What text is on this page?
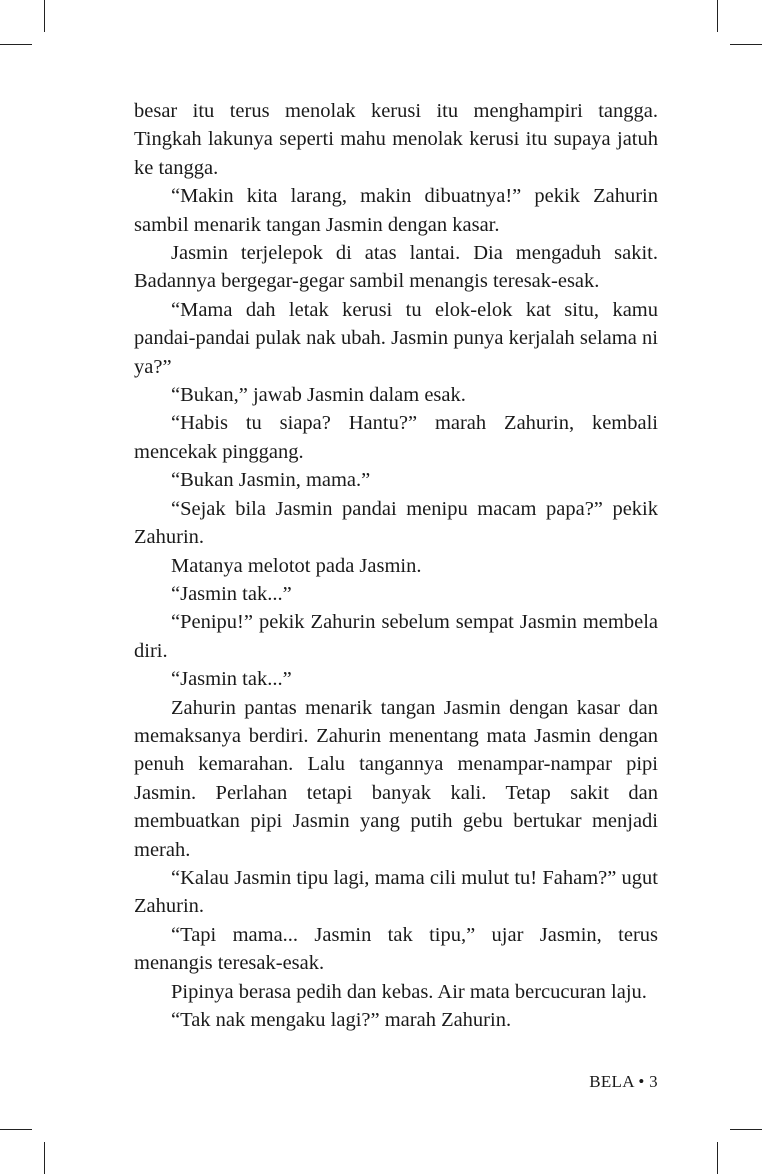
besar itu terus menolak kerusi itu menghampiri tangga. Tingkah lakunya seperti mahu menolak kerusi itu supaya jatuh ke tangga.

“Makin kita larang, makin dibuatnya!” pekik Zahurin sambil menarik tangan Jasmin dengan kasar.

Jasmin terjelepok di atas lantai. Dia mengaduh sakit. Badannya bergegar-gegar sambil menangis teresak-esak.

“Mama dah letak kerusi tu elok-elok kat situ, kamu pandai-pandai pulak nak ubah. Jasmin punya kerjalah selama ni ya?”

“Bukan,” jawab Jasmin dalam esak.

“Habis tu siapa? Hantu?” marah Zahurin, kembali mencekak pinggang.

“Bukan Jasmin, mama.”

“Sejak bila Jasmin pandai menipu macam papa?” pekik Zahurin.

Matanya melotot pada Jasmin.

“Jasmin tak...”

“Penipu!” pekik Zahurin sebelum sempat Jasmin membela diri.

“Jasmin tak...”

Zahurin pantas menarik tangan Jasmin dengan kasar dan memaksanya berdiri. Zahurin menentang mata Jasmin dengan penuh kemarahan. Lalu tangannya menampar-nampar pipi Jasmin. Perlahan tetapi banyak kali. Tetap sakit dan membuatkan pipi Jasmin yang putih gebu bertukar menjadi merah.

“Kalau Jasmin tipu lagi, mama cili mulut tu! Faham?” ugut Zahurin.

“Tapi mama... Jasmin tak tipu,” ujar Jasmin, terus menangis teresak-esak.

Pipinya berasa pedih dan kebas. Air mata bercucuran laju.

“Tak nak mengaku lagi?” marah Zahurin.

BELA • 3
